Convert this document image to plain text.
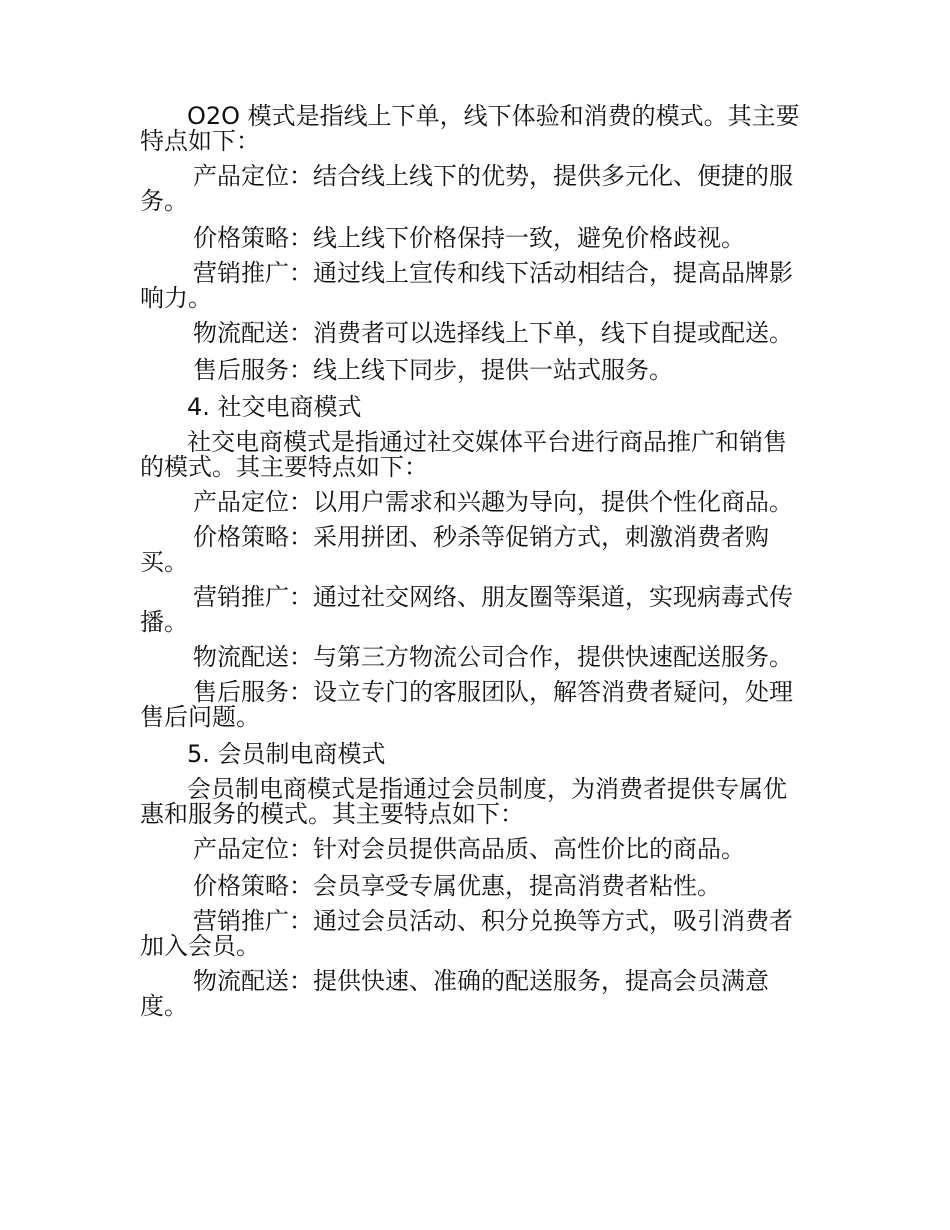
O2O 模式是指线上下单，线下体验和消费的模式。其主要特点如下：

产品定位：结合线上线下的优势，提供多元化、便捷的服务。

价格策略：线上线下价格保持一致，避免价格歧视。

营销推广：通过线上宣传和线下活动相结合，提高品牌影响力。

物流配送：消费者可以选择线上下单，线下自提或配送。

售后服务：线上线下同步，提供一站式服务。

4. 社交电商模式

社交电商模式是指通过社交媒体平台进行商品推广和销售的模式。其主要特点如下：

产品定位：以用户需求和兴趣为导向，提供个性化商品。

价格策略：采用拼团、秒杀等促销方式，刺激消费者购买。

营销推广：通过社交网络、朋友圈等渠道，实现病毒式传播。

物流配送：与第三方物流公司合作，提供快速配送服务。

售后服务：设立专门的客服团队，解答消费者疑问，处理售后问题。

5. 会员制电商模式

会员制电商模式是指通过会员制度，为消费者提供专属优惠和服务的模式。其主要特点如下：

产品定位：针对会员提供高品质、高性价比的商品。

价格策略：会员享受专属优惠，提高消费者粘性。

营销推广：通过会员活动、积分兑换等方式，吸引消费者加入会员。

物流配送：提供快速、准确的配送服务，提高会员满意度。
